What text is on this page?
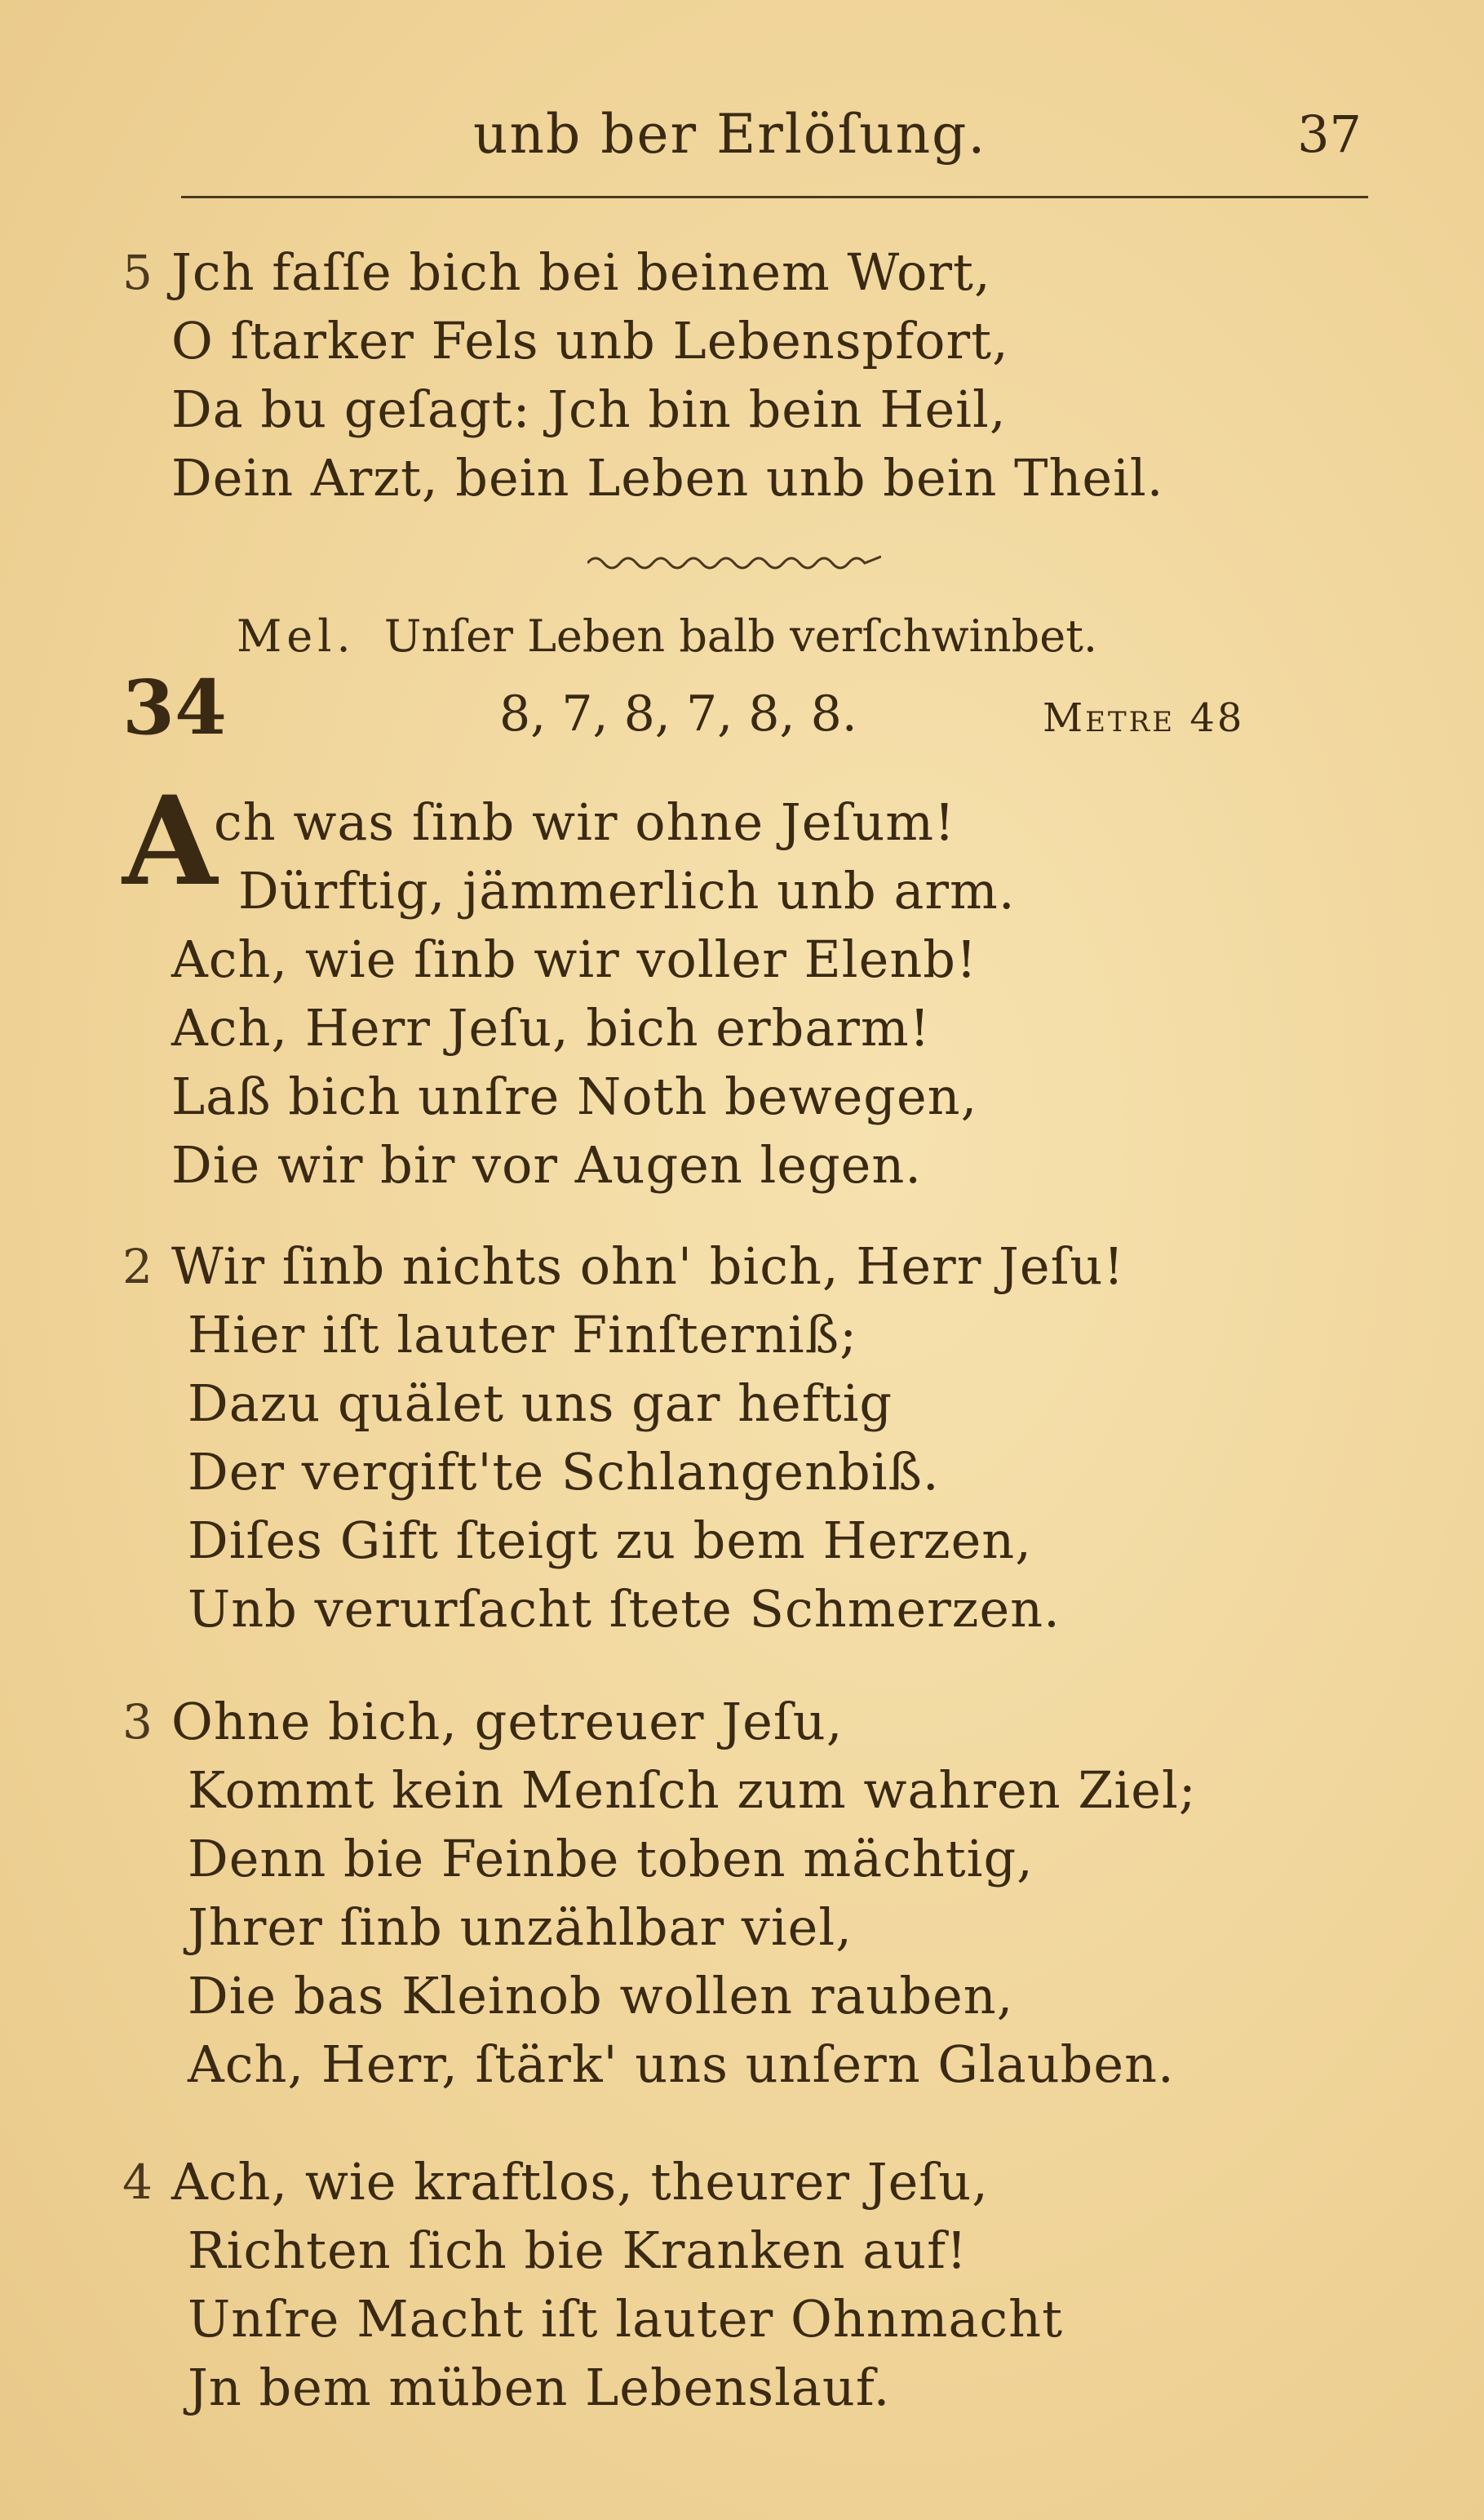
unb ber Erlöſung.	37
5 Jch faſſe bich bei beinem Wort,
O ſtarker Fels unb Lebenspfort,
Da bu geſagt: Jch bin bein Heil,
Dein Arzt, bein Leben unb bein Theil.
Mel. Unſer Leben balb verſchwinbet.
34	8, 7, 8, 7, 8, 8.	Metre 48
A
ch was ſinb wir ohne Jeſum!
Dürftig, jämmerlich unb arm.
Ach, wie ſinb wir voller Elenb!
Ach, Herr Jeſu, bich erbarm!
Laß bich unſre Noth bewegen,
Die wir bir vor Augen legen.
2 Wir ſinb nichts ohn' bich, Herr Jeſu!
Hier iſt lauter Finſterniß;
Dazu quälet uns gar heftig
Der vergift'te Schlangenbiß.
Diſes Gift ſteigt zu bem Herzen,
Unb verurſacht ſtete Schmerzen.
3 Ohne bich, getreuer Jeſu,
Kommt kein Menſch zum wahren Ziel;
Denn bie Feinbe toben mächtig,
Jhrer ſinb unzählbar viel,
Die bas Kleinob wollen rauben,
Ach, Herr, ſtärk' uns unſern Glauben.
4 Ach, wie kraftlos, theurer Jeſu,
Richten ſich bie Kranken auf!
Unſre Macht iſt lauter Ohnmacht
Jn bem müben Lebenslauf.
